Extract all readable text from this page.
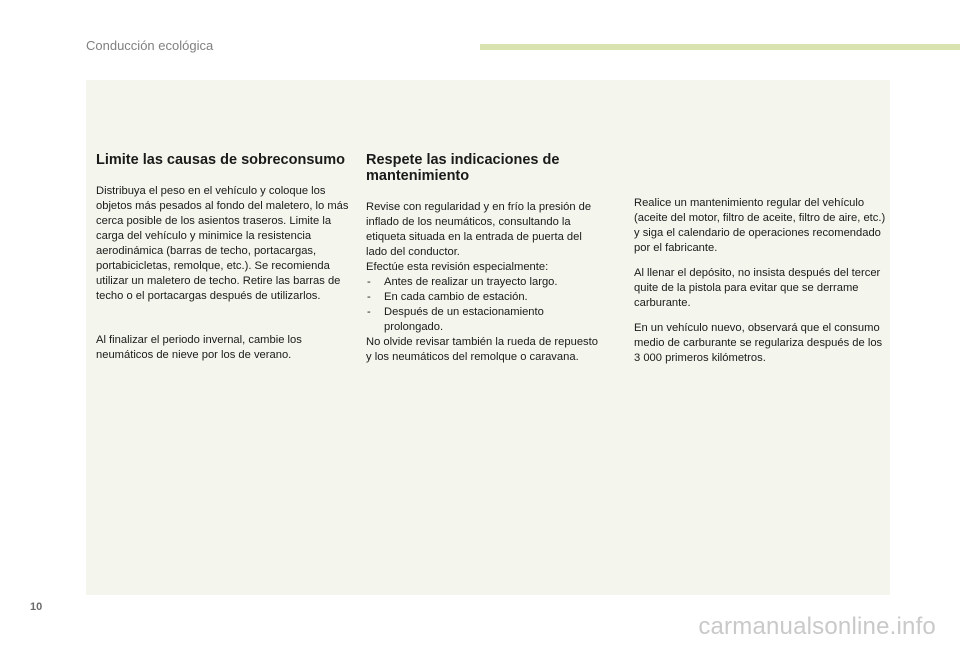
Conducción ecológica
Limite las causas de sobreconsumo

Distribuya el peso en el vehículo y coloque los objetos más pesados al fondo del maletero, lo más cerca posible de los asientos traseros. Limite la carga del vehículo y minimice la resistencia aerodinámica (barras de techo, portacargas, portabicicletas, remolque, etc.). Se recomienda utilizar un maletero de techo. Retire las barras de techo o el portacargas después de utilizarlos.

Al finalizar el periodo invernal, cambie los neumáticos de nieve por los de verano.

Respete las indicaciones de mantenimiento

Revise con regularidad y en frío la presión de inflado de los neumáticos, consultando la etiqueta situada en la entrada de puerta del lado del conductor.

Efectúe esta revisión especialmente:

- Antes de realizar un trayecto largo.
- En cada cambio de estación.
- Después de un estacionamiento prolongado.

No olvide revisar también la rueda de repuesto y los neumáticos del remolque o caravana.

Realice un mantenimiento regular del vehículo (aceite del motor, filtro de aceite, filtro de aire, etc.) y siga el calendario de operaciones recomendado por el fabricante.

Al llenar el depósito, no insista después del tercer quite de la pistola para evitar que se derrame carburante.

En un vehículo nuevo, observará que el consumo medio de carburante se regulariza después de los 3 000 primeros kilómetros.

10
carmanualsonline.info
